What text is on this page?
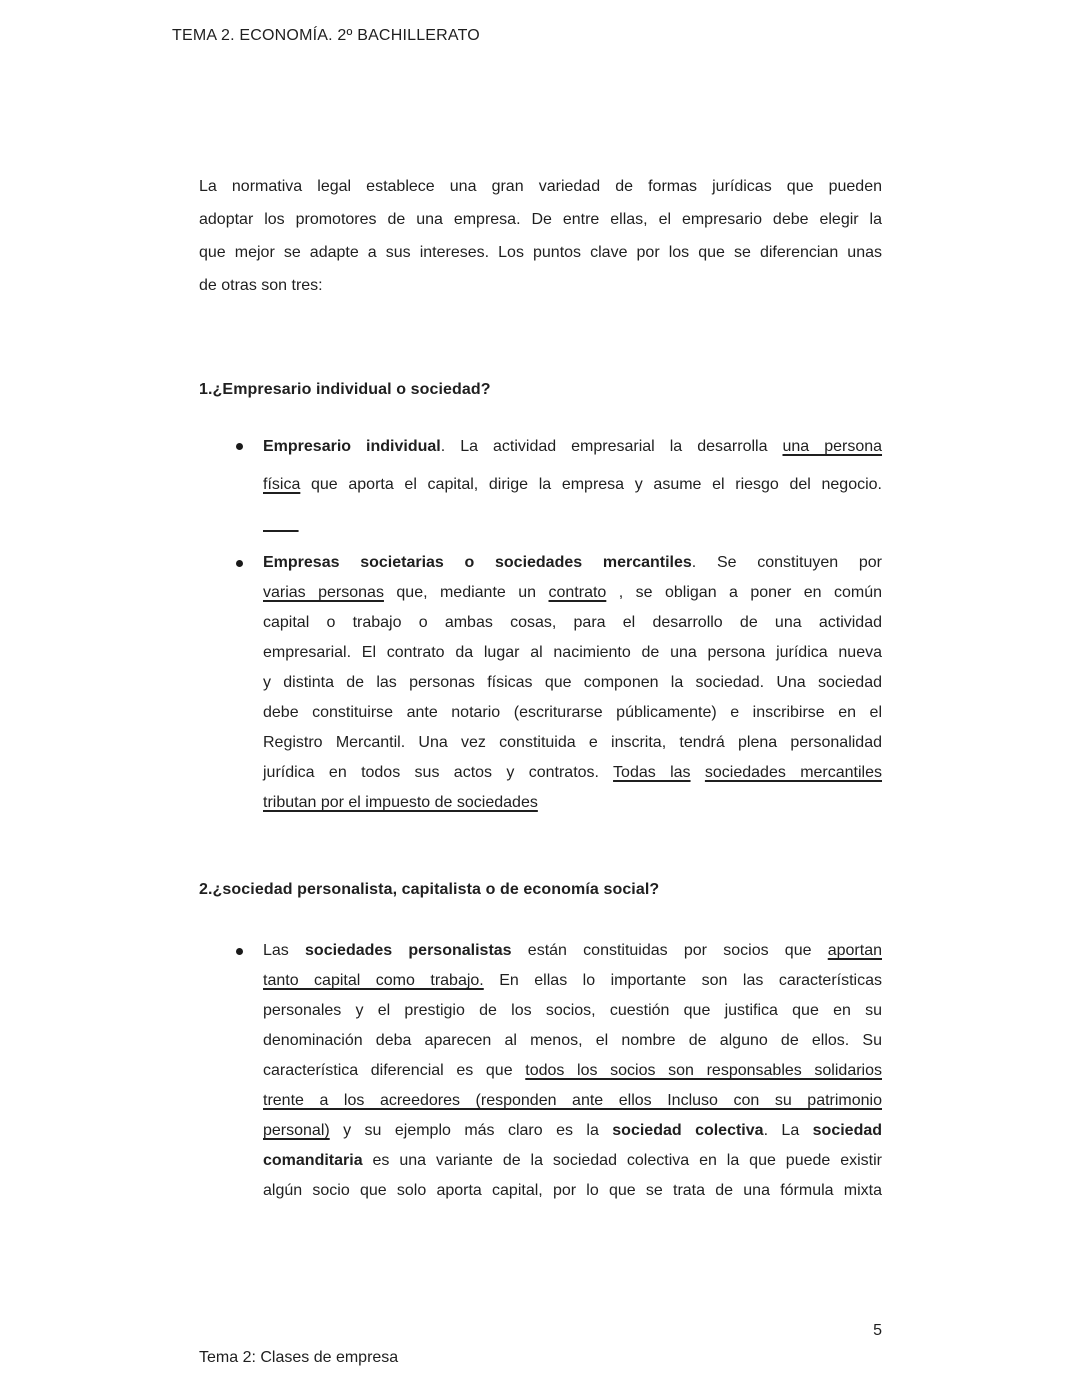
TEMA 2. ECONOMÍA. 2º BACHILLERATO
La normativa legal establece una gran variedad de formas jurídicas que pueden
adoptar los promotores de una empresa. De entre ellas, el empresario debe elegir la
que mejor se adapte a sus intereses. Los puntos clave por los que se diferencian unas
de otras son tres:
1.¿Empresario individual o sociedad?
Empresario individual. La actividad empresarial la desarrolla una persona
física que aporta el capital, dirige la empresa y asume el riesgo del negocio.

Empresas societarias o sociedades mercantiles. Se constituyen por
varias personas que, mediante un contrato , se obligan a poner en común
capital o trabajo o ambas cosas, para el desarrollo de una actividad
empresarial. El contrato da lugar al nacimiento de una persona jurídica nueva
y distinta de las personas físicas que componen la sociedad. Una sociedad
debe constituirse ante notario (escriturarse públicamente) e inscribirse en el
Registro Mercantil. Una vez constituida e inscrita, tendrá plena personalidad
jurídica en todos sus actos y contratos. Todas las sociedades mercantiles
tributan por el impuesto de sociedades
2.¿sociedad personalista, capitalista o de economía social?
Las sociedades personalistas están constituidas por socios que aportan
tanto capital como trabajo. En ellas lo importante son las características
personales y el prestigio de los socios, cuestión que justifica que en su
denominación deba aparecen al menos, el nombre de alguno de ellos. Su
característica diferencial es que todos los socios son responsables solidarios
trente a los acreedores (responden ante ellos Incluso con su patrimonio
personal) y su ejemplo más claro es la sociedad colectiva. La sociedad
comanditaria es una variante de la sociedad colectiva en la que puede existir
algún socio que solo aporta capital, por lo que se trata de una fórmula mixta
5
Tema 2: Clases de empresa
